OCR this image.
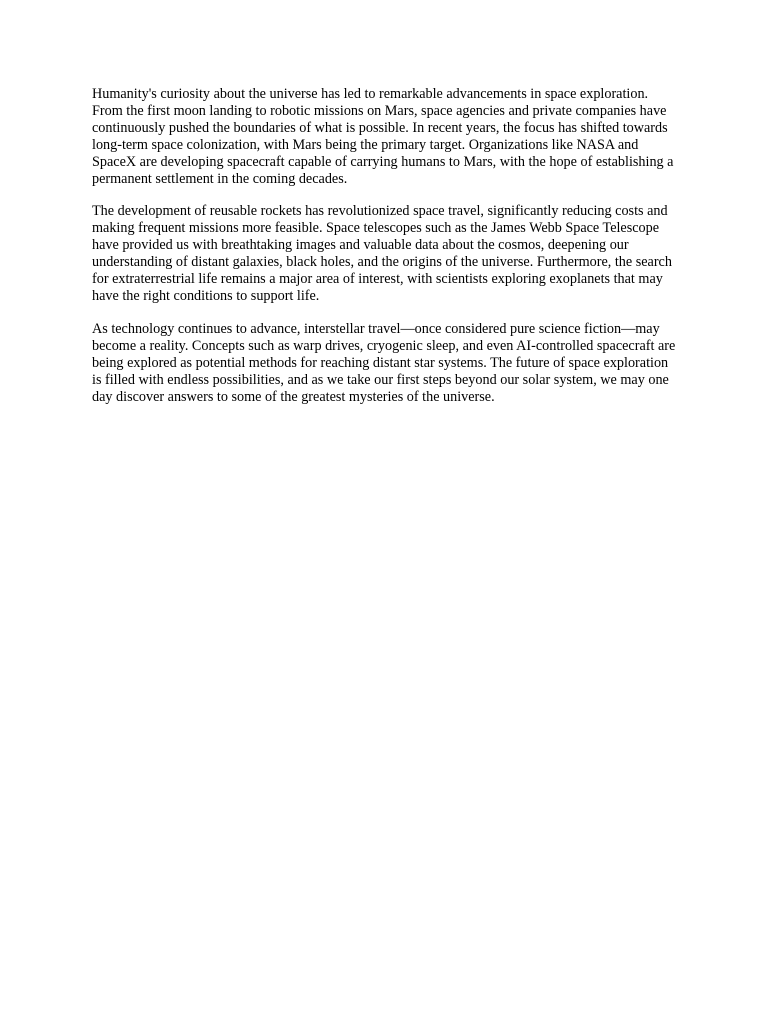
Humanity's curiosity about the universe has led to remarkable advancements in space exploration. From the first moon landing to robotic missions on Mars, space agencies and private companies have continuously pushed the boundaries of what is possible. In recent years, the focus has shifted towards long-term space colonization, with Mars being the primary target. Organizations like NASA and SpaceX are developing spacecraft capable of carrying humans to Mars, with the hope of establishing a permanent settlement in the coming decades.

The development of reusable rockets has revolutionized space travel, significantly reducing costs and making frequent missions more feasible. Space telescopes such as the James Webb Space Telescope have provided us with breathtaking images and valuable data about the cosmos, deepening our understanding of distant galaxies, black holes, and the origins of the universe. Furthermore, the search for extraterrestrial life remains a major area of interest, with scientists exploring exoplanets that may have the right conditions to support life.

As technology continues to advance, interstellar travel—once considered pure science fiction—may become a reality. Concepts such as warp drives, cryogenic sleep, and even AI-controlled spacecraft are being explored as potential methods for reaching distant star systems. The future of space exploration is filled with endless possibilities, and as we take our first steps beyond our solar system, we may one day discover answers to some of the greatest mysteries of the universe.
